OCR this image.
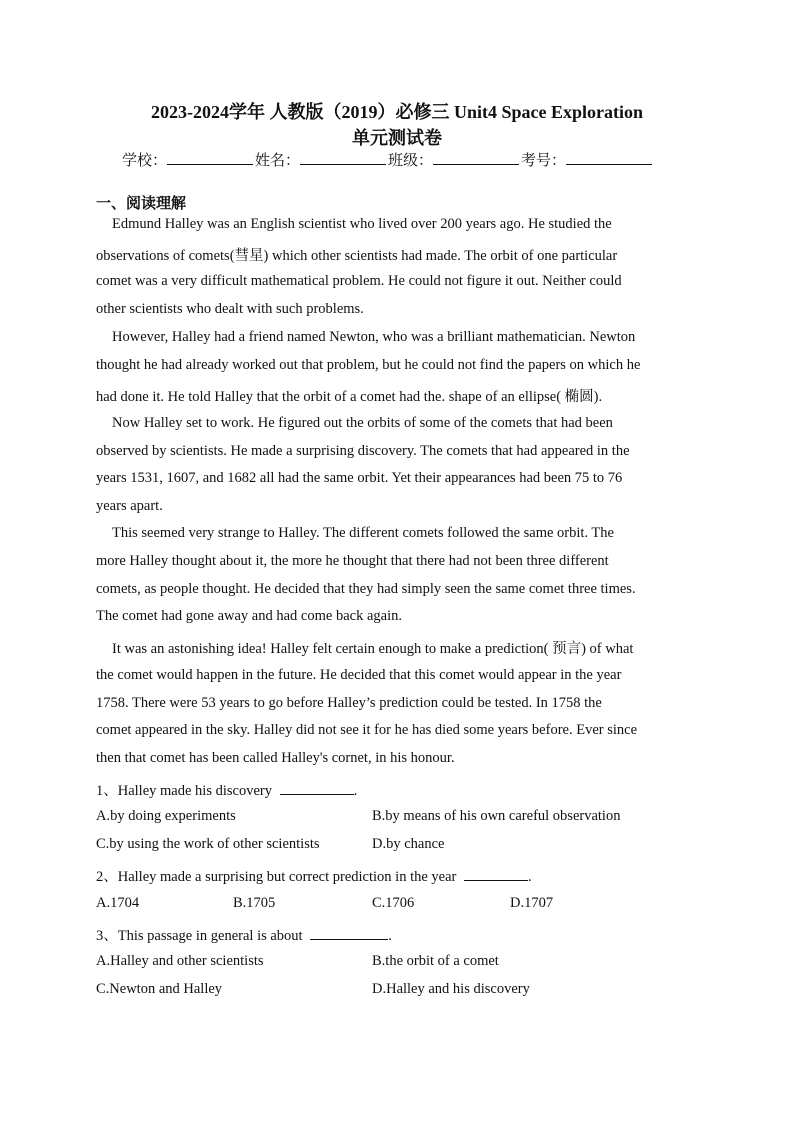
2023-2024学年 人教版（2019）必修三 Unit4 Space Exploration
单元测试卷
学校：	姓名：	班级：	考号：
一、阅读理解
Edmund Halley was an English scientist who lived over 200 years ago. He studied the
observations of comets(彗星) which other scientists had made. The orbit of one particular
comet was a very difficult mathematical problem. He could not figure it out. Neither could
other scientists who dealt with such problems.
However, Halley had a friend named Newton, who was a brilliant mathematician. Newton
thought he had already worked out that problem, but he could not find the papers on which he
had done it. He told Halley that the orbit of a comet had the. shape of an ellipse( 椭圆).
Now Halley set to work. He figured out the orbits of some of the comets that had been
observed by scientists. He made a surprising discovery. The comets that had appeared in the
years 1531, 1607, and 1682 all had the same orbit. Yet their appearances had been 75 to 76
years apart.
This seemed very strange to Halley. The different comets followed the same orbit. The
more Halley thought about it, the more he thought that there had not been three different
comets, as people thought. He decided that they had simply seen the same comet three times.
The comet had gone away and had come back again.
It was an astonishing idea! Halley felt certain enough to make a prediction( 预言) of what
the comet would happen in the future. He decided that this comet would appear in the year
1758. There were 53 years to go before Halley’s prediction could be tested. In 1758 the
comet appeared in the sky. Halley did not see it for he has died some years before. Ever since
then that comet has been called Halley's cornet, in his honour.
1、Halley made his discovery	.
A.by doing experiments	B.by means of his own careful observation
C.by using the work of other scientists	D.by chance
2、Halley made a surprising but correct prediction in the year	.
A.1704	B.1705	C.1706	D.1707
3、This passage in general is about	.
A.Halley and other scientists	B.the orbit of a comet
C.Newton and Halley	D.Halley and his discovery
